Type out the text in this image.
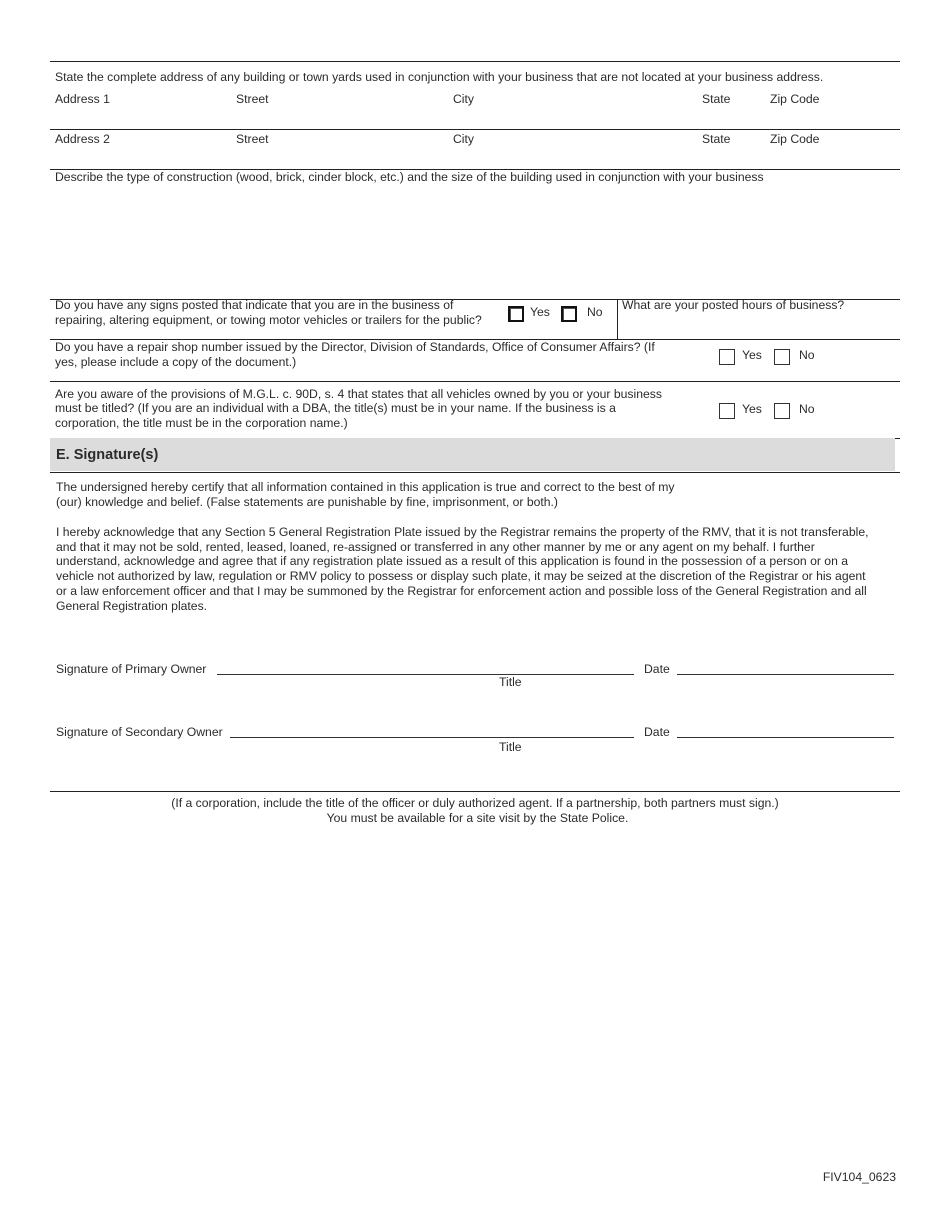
State the complete address of any building or town yards used in conjunction with your business that are not located at your business address.
Address 1	Street	City	State	Zip Code
Address 2	Street	City	State	Zip Code
Describe the type of construction (wood, brick, cinder block, etc.) and the size of the building used in conjunction with your business
Do you have any signs posted that indicate that you are in the business of
repairing, altering equipment, or towing motor vehicles or trailers for the public?
Yes	No What are your posted hours of business?
Do you have a repair shop number issued by the Director, Division of Standards, Office of Consumer Affairs? (If
yes, please include a copy of the document.)	Yes	No
Are you aware of the provisions of M.G.L. c. 90D, s. 4 that states that all vehicles owned by you or your business
must be titled? (If you are an individual with a DBA, the title(s) must be in your name. If the business is a
corporation, the title must be in the corporation name.)
Yes	No
E. Signature(s)
The undersigned hereby certify that all information contained in this application is true and correct to the best of my
(our) knowledge and belief. (False statements are punishable by fine, imprisonment, or both.)
I hereby acknowledge that any Section 5 General Registration Plate issued by the Registrar remains the property of the RMV, that it is not transferable,
and that it may not be sold, rented, leased, loaned, re-assigned or transferred in any other manner by me or any agent on my behalf. I further
understand, acknowledge and agree that if any registration plate issued as a result of this application is found in the possession of a person or on a
vehicle not authorized by law, regulation or RMV policy to possess or display such plate, it may be seized at the discretion of the Registrar or his agent
or a law enforcement officer and that I may be summoned by the Registrar for enforcement action and possible loss of the General Registration and all
General Registration plates.
Signature of Primary Owner	Date
Title
Signature of Secondary Owner	Date
Title
(If a corporation, include the title of the officer or duly authorized agent. If a partnership, both partners must sign.)
You must be available for a site visit by the State Police.
FIV104_0623
